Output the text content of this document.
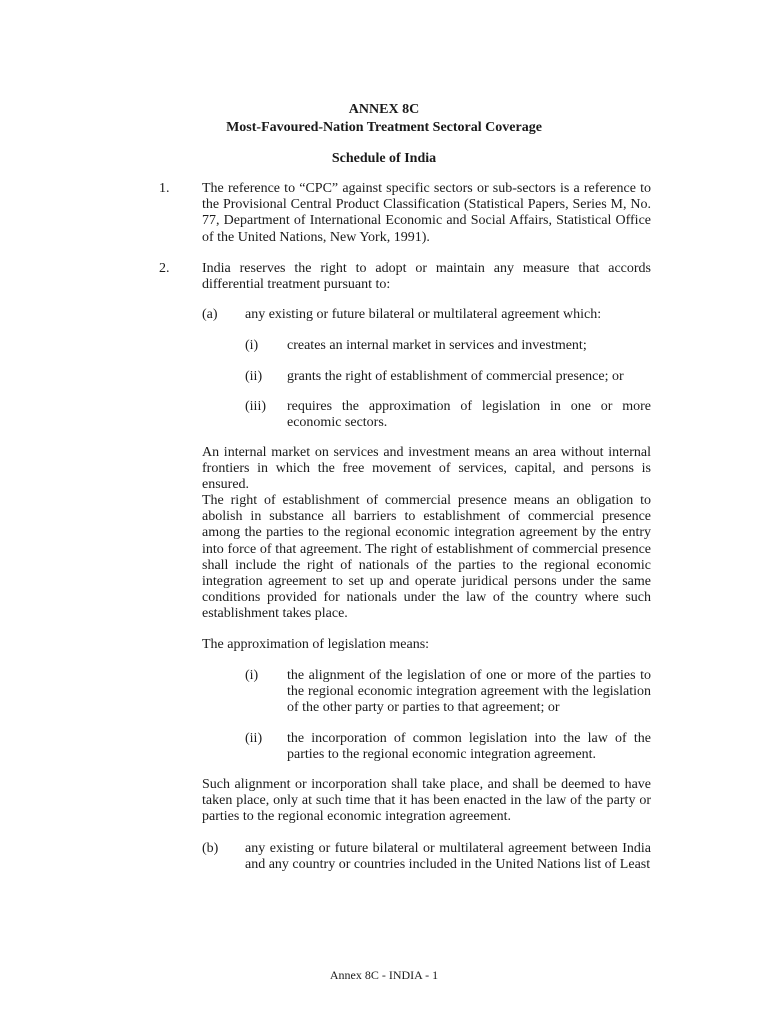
ANNEX 8C
Most-Favoured-Nation Treatment Sectoral Coverage
Schedule of India
1. The reference to “CPC” against specific sectors or sub-sectors is a reference to the Provisional Central Product Classification (Statistical Papers, Series M, No. 77, Department of International Economic and Social Affairs, Statistical Office of the United Nations, New York, 1991).
2. India reserves the right to adopt or maintain any measure that accords differential treatment pursuant to:
(a) any existing or future bilateral or multilateral agreement which:
(i) creates an internal market in services and investment;
(ii) grants the right of establishment of commercial presence; or
(iii) requires the approximation of legislation in one or more economic sectors.
An internal market on services and investment means an area without internal frontiers in which the free movement of services, capital, and persons is ensured.
The right of establishment of commercial presence means an obligation to abolish in substance all barriers to establishment of commercial presence among the parties to the regional economic integration agreement by the entry into force of that agreement. The right of establishment of commercial presence shall include the right of nationals of the parties to the regional economic integration agreement to set up and operate juridical persons under the same conditions provided for nationals under the law of the country where such establishment takes place.
The approximation of legislation means:
(i) the alignment of the legislation of one or more of the parties to the regional economic integration agreement with the legislation of the other party or parties to that agreement; or
(ii) the incorporation of common legislation into the law of the parties to the regional economic integration agreement.
Such alignment or incorporation shall take place, and shall be deemed to have taken place, only at such time that it has been enacted in the law of the party or parties to the regional economic integration agreement.
(b) any existing or future bilateral or multilateral agreement between India and any country or countries included in the United Nations list of Least
Annex 8C - INDIA - 1
